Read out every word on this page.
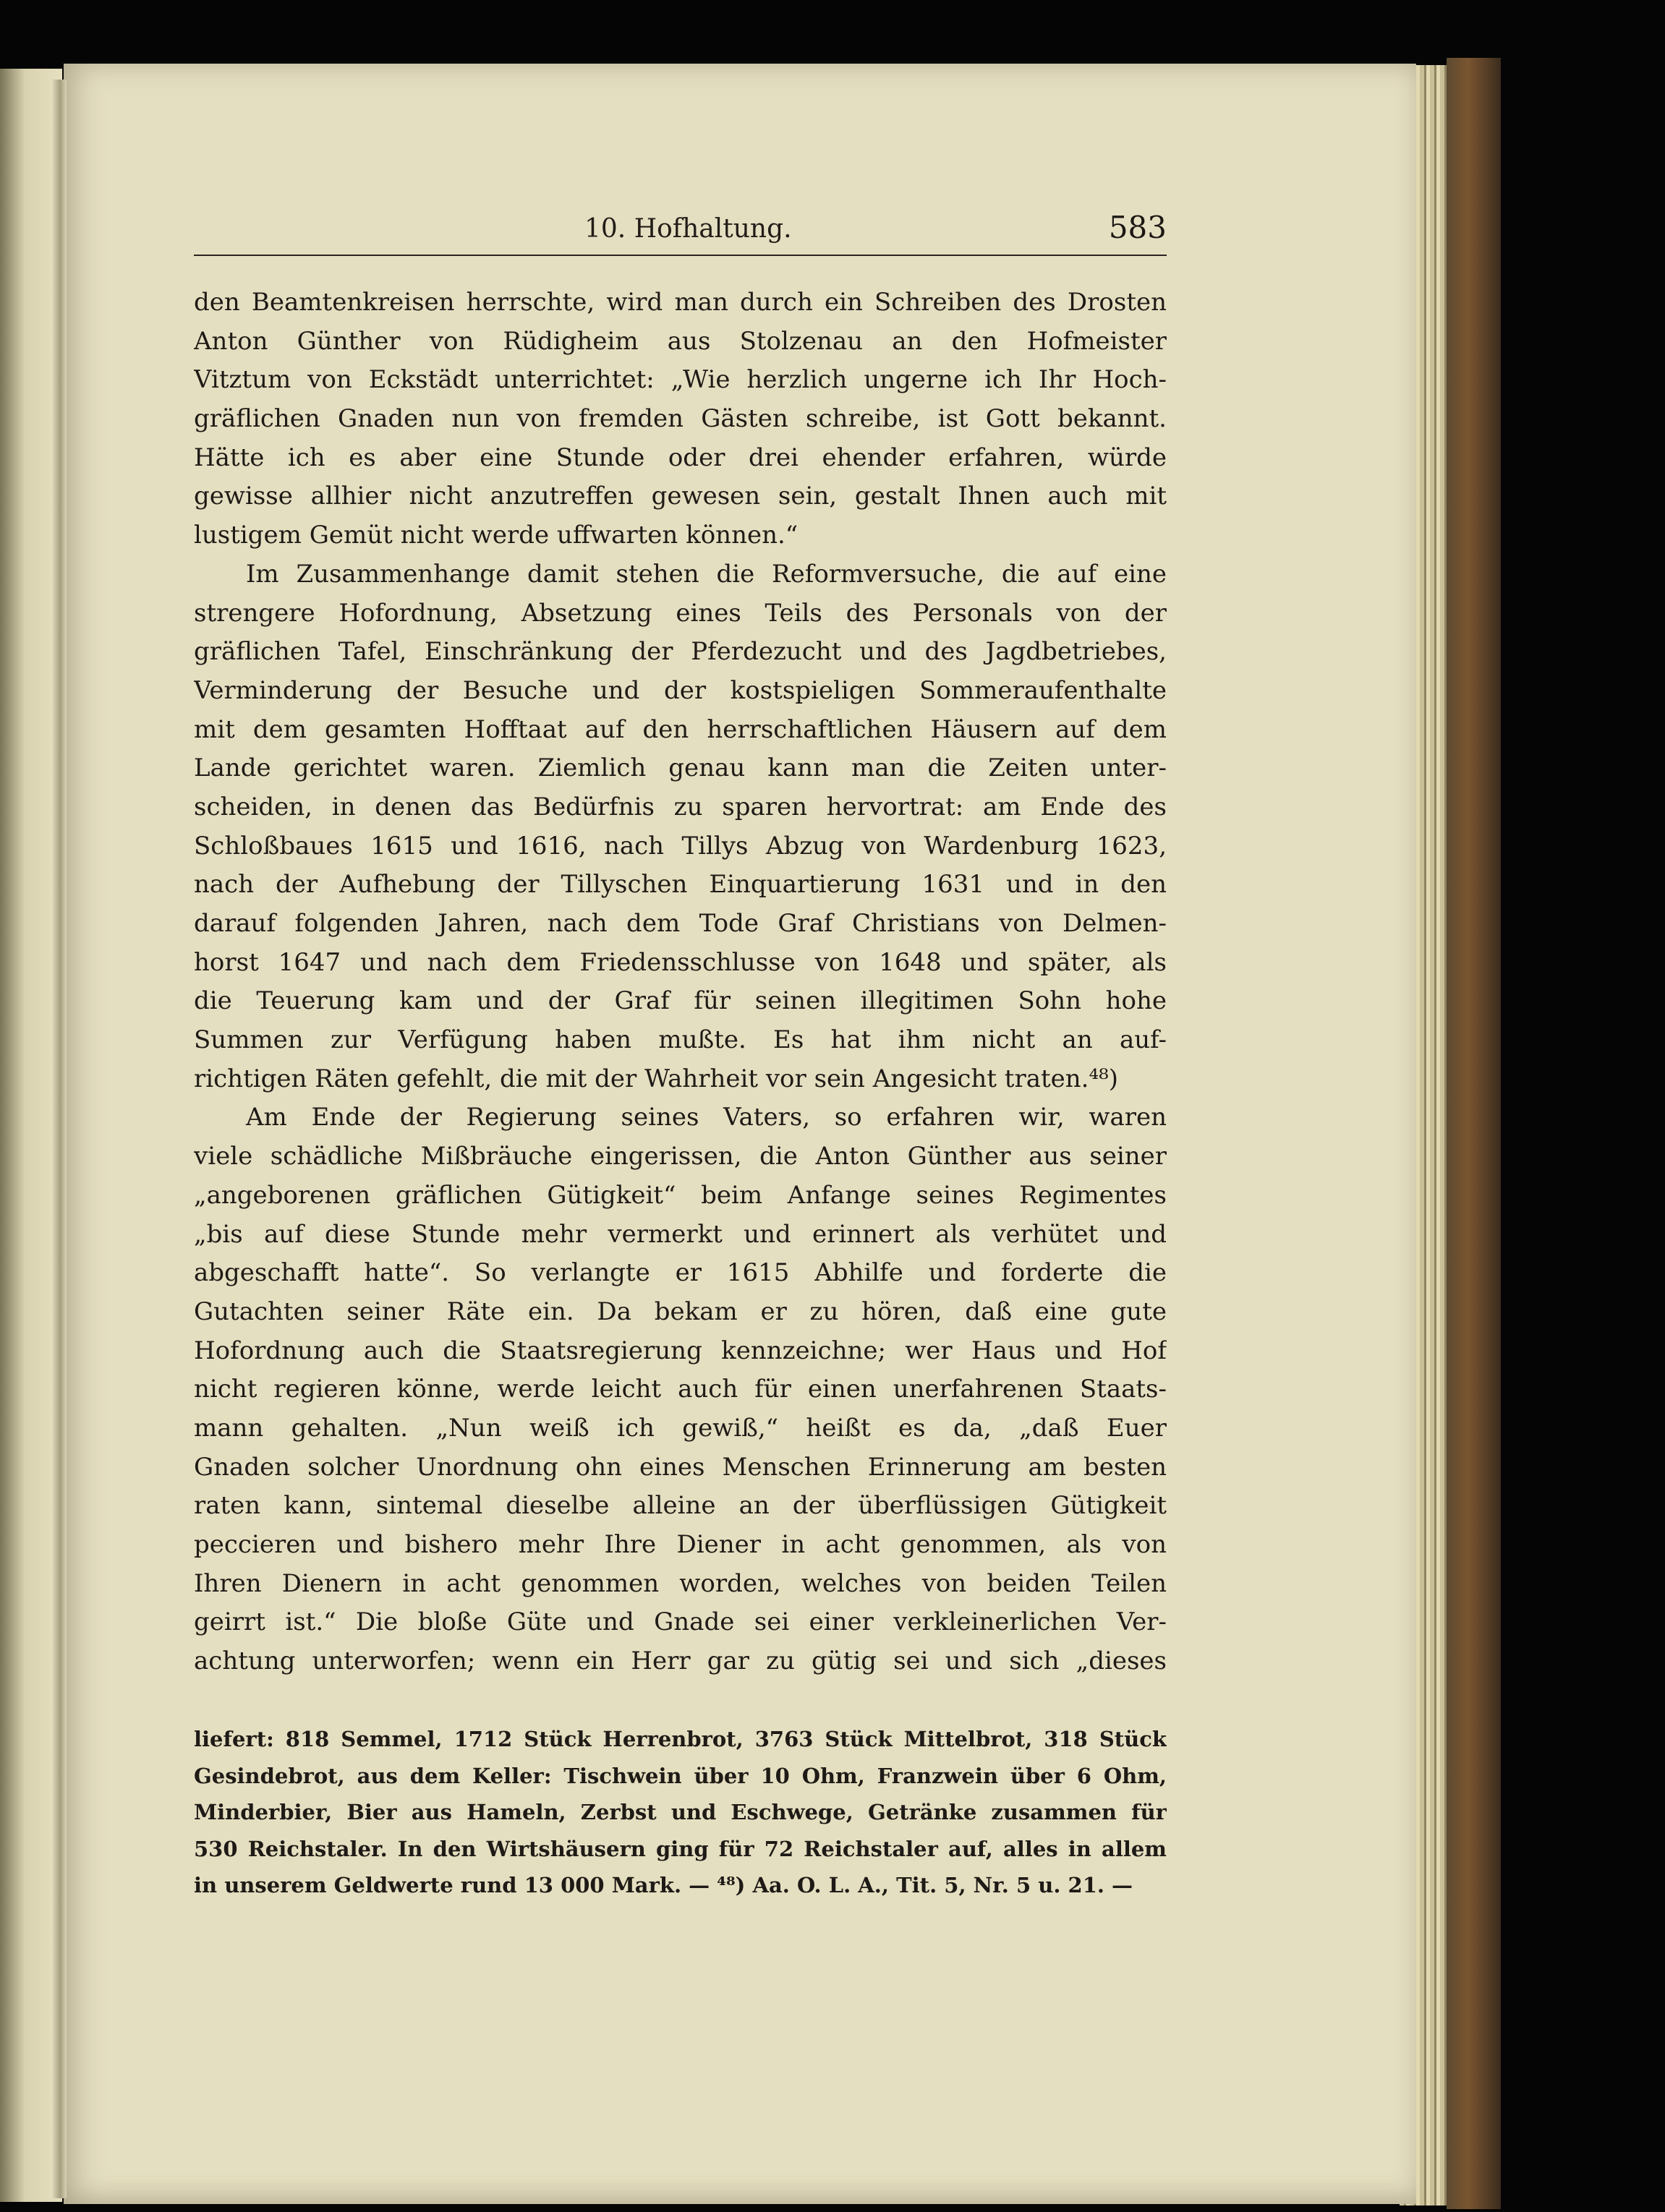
10. Hofhaltung.	583
den Beamtenkreisen herrschte, wird man durch ein Schreiben des Drosten
Anton Günther von Rüdigheim aus Stolzenau an den Hofmeister
Vitztum von Eckstädt unterrichtet: „Wie herzlich ungerne ich Ihr Hoch-
gräflichen Gnaden nun von fremden Gästen schreibe, ist Gott bekannt.
Hätte ich es aber eine Stunde oder drei ehender erfahren, würde
gewisse allhier nicht anzutreffen gewesen sein, gestalt Ihnen auch mit
lustigem Gemüt nicht werde uffwarten können.“
Im Zusammenhange damit stehen die Reformversuche, die auf eine
strengere Hofordnung, Absetzung eines Teils des Personals von der
gräflichen Tafel, Einschränkung der Pferdezucht und des Jagdbetriebes,
Verminderung der Besuche und der kostspieligen Sommeraufenthalte
mit dem gesamten Hofftaat auf den herrschaftlichen Häusern auf dem
Lande gerichtet waren. Ziemlich genau kann man die Zeiten unter-
scheiden, in denen das Bedürfnis zu sparen hervortrat: am Ende des
Schloßbaues 1615 und 1616, nach Tillys Abzug von Wardenburg 1623,
nach der Aufhebung der Tillyschen Einquartierung 1631 und in den
darauf folgenden Jahren, nach dem Tode Graf Christians von Delmen-
horst 1647 und nach dem Friedensschlusse von 1648 und später, als
die Teuerung kam und der Graf für seinen illegitimen Sohn hohe
Summen zur Verfügung haben mußte. Es hat ihm nicht an auf-
richtigen Räten gefehlt, die mit der Wahrheit vor sein Angesicht traten.⁴⁸)
Am Ende der Regierung seines Vaters, so erfahren wir, waren
viele schädliche Mißbräuche eingerissen, die Anton Günther aus seiner
„angeborenen gräflichen Gütigkeit“ beim Anfange seines Regimentes
„bis auf diese Stunde mehr vermerkt und erinnert als verhütet und
abgeschafft hatte“. So verlangte er 1615 Abhilfe und forderte die
Gutachten seiner Räte ein. Da bekam er zu hören, daß eine gute
Hofordnung auch die Staatsregierung kennzeichne; wer Haus und Hof
nicht regieren könne, werde leicht auch für einen unerfahrenen Staats-
mann gehalten. „Nun weiß ich gewiß,“ heißt es da, „daß Euer
Gnaden solcher Unordnung ohn eines Menschen Erinnerung am besten
raten kann, sintemal dieselbe alleine an der überflüssigen Gütigkeit
peccieren und bishero mehr Ihre Diener in acht genommen, als von
Ihren Dienern in acht genommen worden, welches von beiden Teilen
geirrt ist.“ Die bloße Güte und Gnade sei einer verkleinerlichen Ver-
achtung unterworfen; wenn ein Herr gar zu gütig sei und sich „dieses
liefert: 818 Semmel, 1712 Stück Herrenbrot, 3763 Stück Mittelbrot, 318 Stück
Gesindebrot, aus dem Keller: Tischwein über 10 Ohm, Franzwein über 6 Ohm,
Minderbier, Bier aus Hameln, Zerbst und Eschwege, Getränke zusammen für
530 Reichstaler. In den Wirtshäusern ging für 72 Reichstaler auf, alles in allem
in unserem Geldwerte rund 13 000 Mark. — ⁴⁸) Aa. O. L. A., Tit. 5, Nr. 5 u. 21. —
